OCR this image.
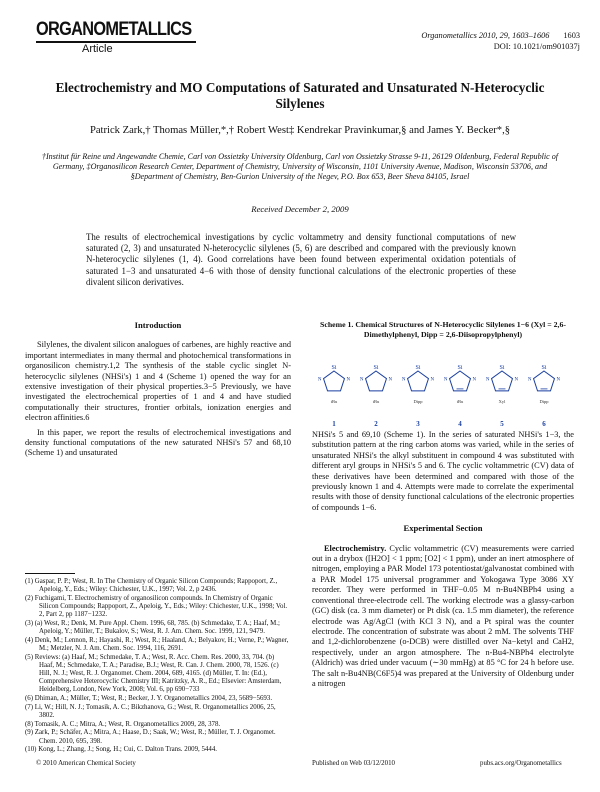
ORGANOMETALLICS
Article
Organometallics 2010, 29, 1603–1606 1603
DOI: 10.1021/om901037j
Electrochemistry and MO Computations of Saturated and Unsaturated N-Heterocyclic Silylenes
Patrick Zark,† Thomas Müller,*,† Robert West‡ Kendrekar Pravinkumar,§ and James Y. Becker*,§
†Institut für Reine und Angewandte Chemie, Carl von Ossietzky University Oldenburg, Carl von Ossietzky Strasse 9-11, 26129 Oldenburg, Federal Republic of Germany, ‡Organosilicon Research Center, Department of Chemistry, University of Wisconsin, 1101 University Avenue, Madison, Wisconsin 53706, and §Department of Chemistry, Ben-Gurion University of the Negev, P.O. Box 653, Beer Sheva 84105, Israel
Received December 2, 2009
The results of electrochemical investigations by cyclic voltammetry and density functional computations of new saturated (2, 3) and unsaturated N-heterocyclic silylenes (5, 6) are described and compared with the previously known N-heterocyclic silylenes (1, 4). Good correlations have been found between experimental oxidation potentials of saturated 1−3 and unsaturated 4−6 with those of density functional calculations of the electronic properties of these divalent silicon derivatives.
Introduction
Silylenes, the divalent silicon analogues of carbenes, are highly reactive and important intermediates in many thermal and photochemical transformations in organosilicon chemistry.1,2 The synthesis of the stable cyclic singlet N-heterocyclic silylenes (NHSi's) 1 and 4 (Scheme 1) opened the way for an extensive investigation of their physical properties.3−5 Previously, we have investigated the electrochemical properties of 1 and 4 and have studied computationally their structures, frontier orbitals, ionization energies and electron affinities.6
In this paper, we report the results of electrochemical investigations and density functional computations of the new saturated NHSi's 57 and 68,10 (Scheme 1) and unsaturated
(1) Gaspar, P. P.; West, R. In The Chemistry of Organic Silicon Compounds; Rappoport, Z., Apeloig, Y., Eds.; Wiley: Chichester, U.K., 1997; Vol. 2, p 2436.
(2) Fuchigami, T. Electrochemistry of organosilicon compounds. In Chemistry of Organic Silicon Compounds; Rappoport, Z., Apeloig, Y., Eds.; Wiley: Chichester, U.K., 1998; Vol. 2, Part 2, pp 1187−1232.
(3) (a) West, R.; Denk, M. Pure Appl. Chem. 1996, 68, 785. (b) Schmedake, T. A.; Haaf, M.; Apeloig, Y.; Müller, T.; Bukalov, S.; West, R. J. Am. Chem. Soc. 1999, 121, 9479.
(4) Denk, M.; Lennon, R.; Hayashi, R.; West, R.; Haaland, A.; Belyakov, H.; Verne, P.; Wagner, M.; Metzler, N. J. Am. Chem. Soc. 1994, 116, 2691.
(5) Reviews: (a) Haaf, M.; Schmedake, T. A.; West, R. Acc. Chem. Res. 2000, 33, 704. (b) Haaf, M.; Schmedake, T. A.; Paradise, B.J.; West, R. Can. J. Chem. 2000, 78, 1526. (c) Hill, N. J.; West, R. J. Organomet. Chem. 2004, 689, 4165. (d) Müller, T. In: (Ed.), Comprehensive Heterocyclic Chemistry III; Katritzky, A. R., Ed.; Elsevier: Amsterdam, Heidelberg, London, New York, 2008; Vol. 6, pp 690−733
(6) Dhiman, A.; Müller, T.; West, R.; Becker, J. Y. Organometallics 2004, 23, 5689−5693.
(7) Li, W.; Hill, N. J.; Tomasik, A. C.; Bikzhanova, G.; West, R. Organometallics 2006, 25, 3802.
(8) Tomasik, A. C.; Mitra, A.; West, R. Organometallics 2009, 28, 378.
(9) Zark, P.; Schäfer, A.; Mitra, A.; Haase, D.; Saak, W.; West, R.; Müller, T. J. Organomet. Chem. 2010, 695, 398.
(10) Kong, L.; Zhang, J.; Song, H.; Cui, C. Dalton Trans. 2009, 5444.
Scheme 1. Chemical Structures of N-Heterocyclic Silylenes 1−6 (Xyl = 2,6-Dimethylphenyl, Dipp = 2,6-Diisopropylphenyl)
Si
N
N
tBu
1
Si
N
N
tBu
2
Si
N
N
Dipp
3
Si
N
N
tBu
4
Si
N
N
Xyl
5
Si
N
N
Dipp
6
NHSi's 5 and 69,10 (Scheme 1). In the series of saturated NHSi's 1−3, the substitution pattern at the ring carbon atoms was varied, while in the series of unsaturated NHSi's the alkyl substituent in compound 4 was substituted with different aryl groups in NHSi's 5 and 6. The cyclic voltammetric (CV) data of these derivatives have been determined and compared with those of the previously known 1 and 4. Attempts were made to correlate the experimental results with those of density functional calculations of the electronic properties of compounds 1−6.
Experimental Section
Electrochemistry. Cyclic voltammetric (CV) measurements were carried out in a drybox ([H2O] < 1 ppm; [O2] < 1 ppm), under an inert atmosphere of nitrogen, employing a PAR Model 173 potentiostat/galvanostat combined with a PAR Model 175 universal programmer and Yokogawa Type 3086 XY recorder. They were performed in THF−0.05 M n-Bu4NBPh4 using a conventional three-electrode cell. The working electrode was a glassy-carbon (GC) disk (ca. 3 mm diameter) or Pt disk (ca. 1.5 mm diameter), the reference electrode was Ag/AgCl (with KCl 3 N), and a Pt spiral was the counter electrode. The concentration of substrate was about 2 mM. The solvents THF and 1,2-dichlorobenzene (o-DCB) were distilled over Na−ketyl and CaH2, respectively, under an argon atmosphere. The n-Bu4-NBPh4 electrolyte (Aldrich) was dried under vacuum (∼30 mmHg) at 85 °C for 24 h before use. The salt n-Bu4NB(C6F5)4 was prepared at the University of Oldenburg under a nitrogen
© 2010 American Chemical Society	Published on Web 03/12/2010	pubs.acs.org/Organometallics
